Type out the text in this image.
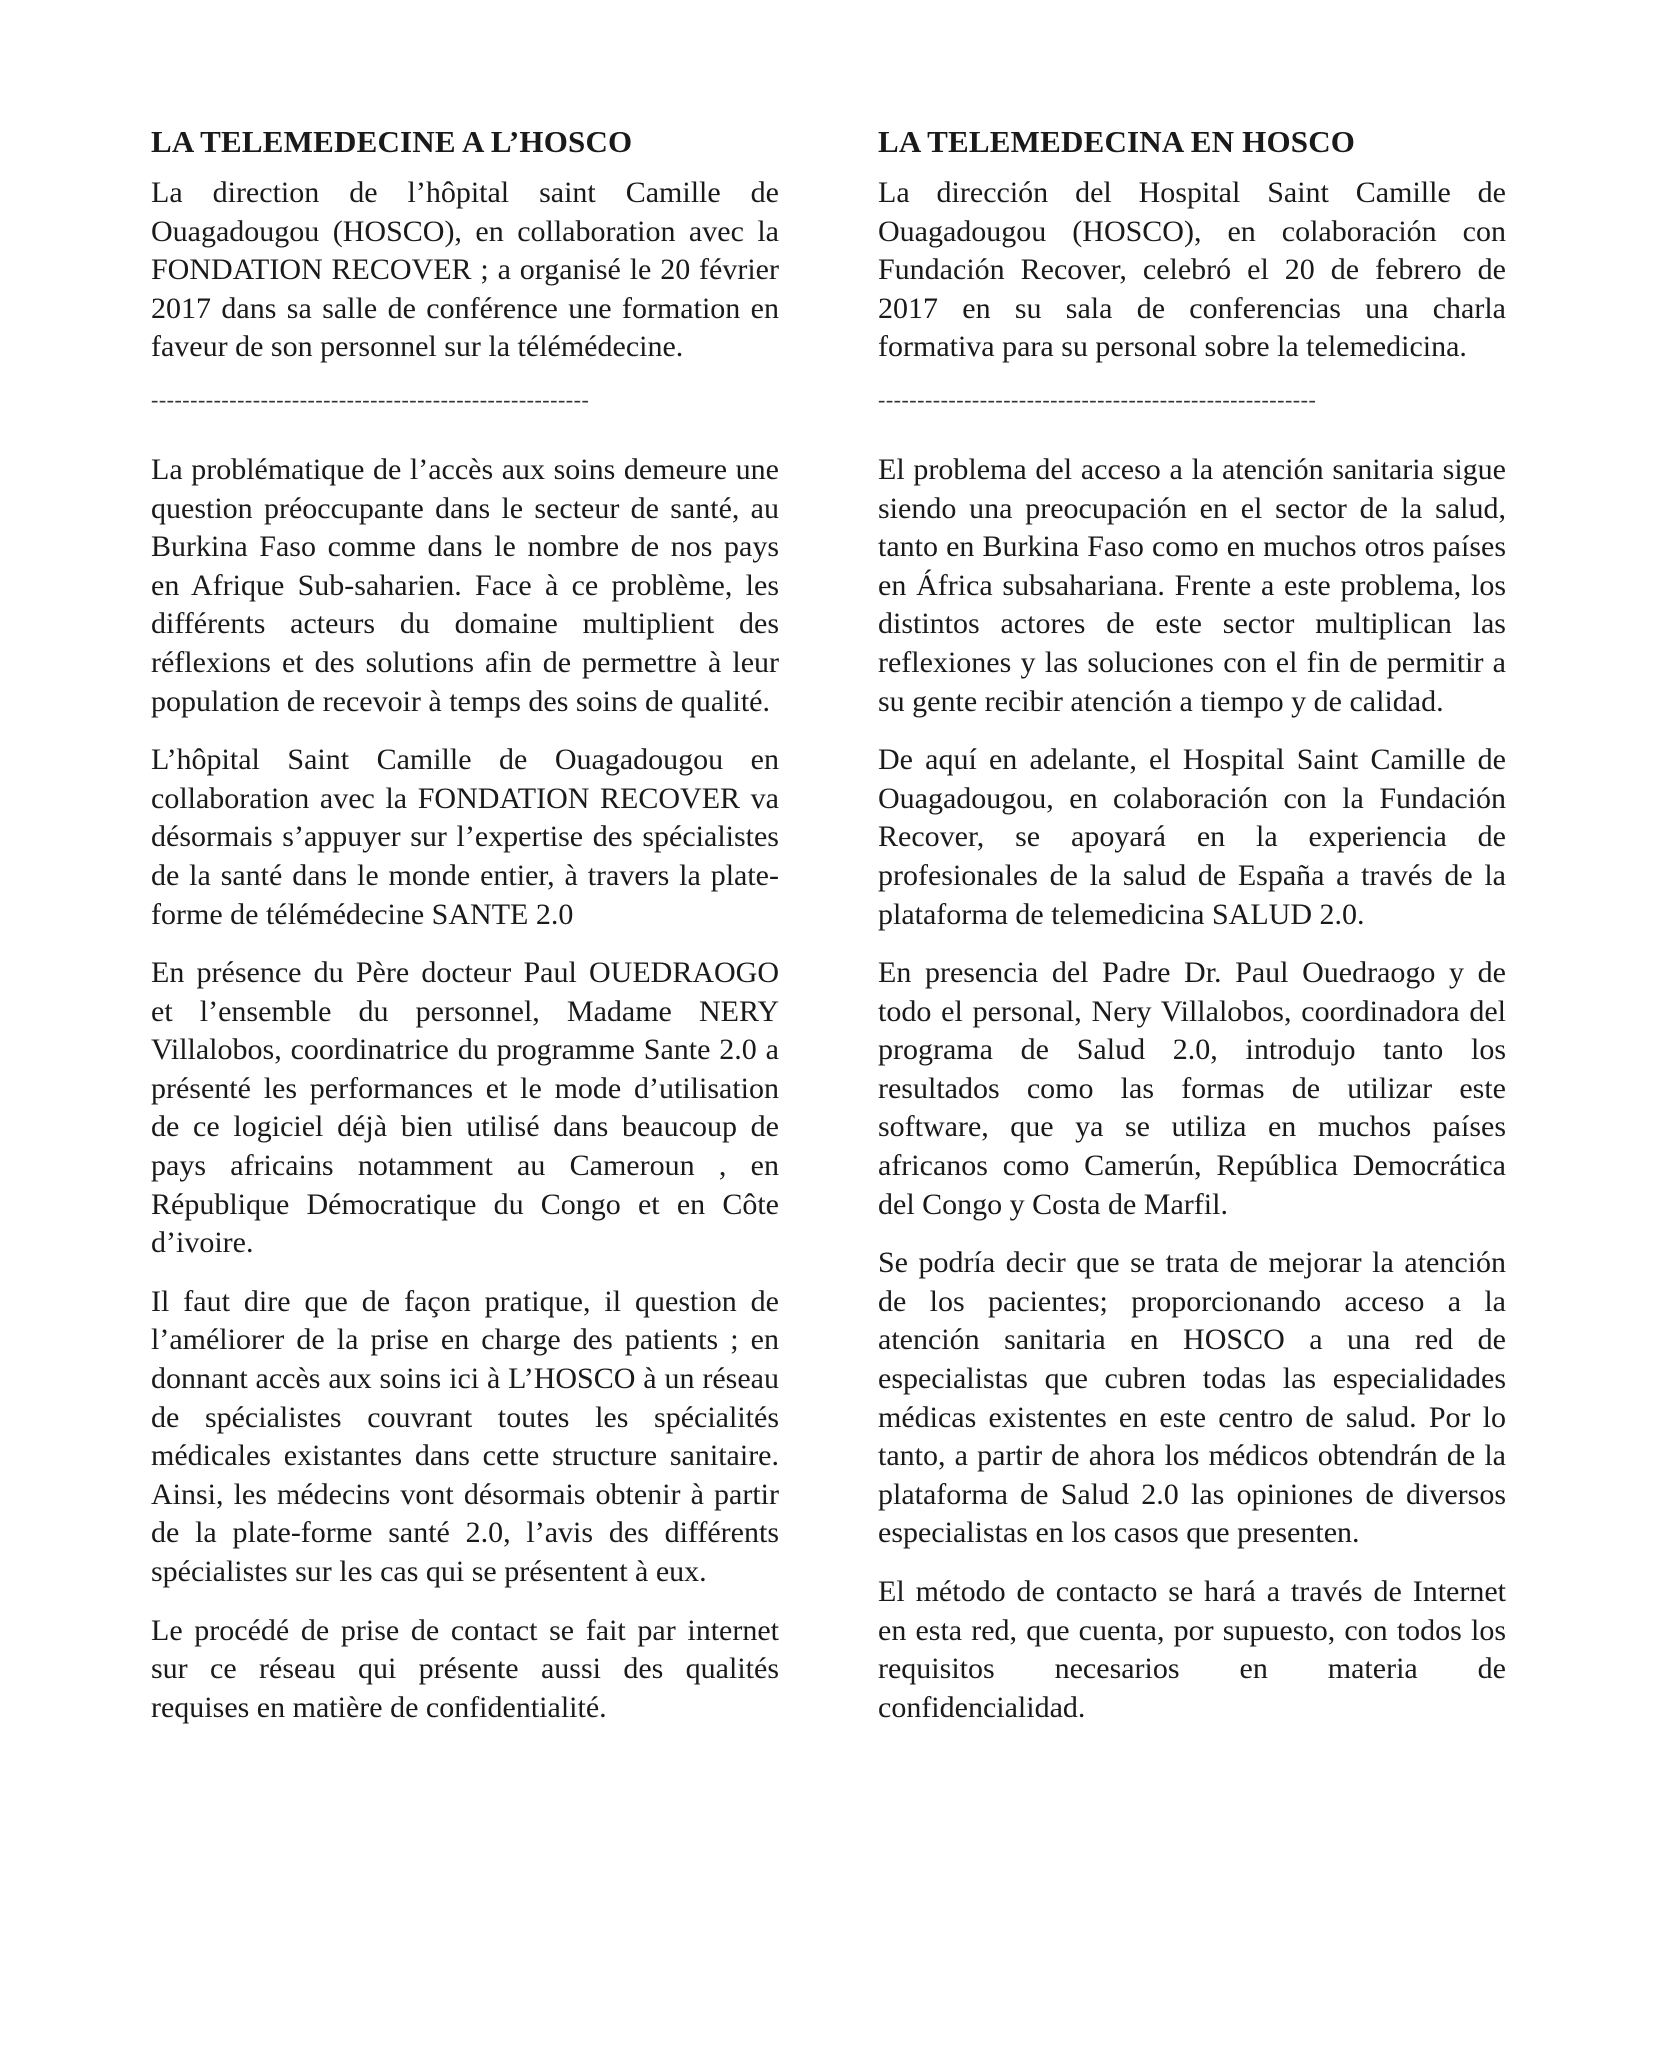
LA TELEMEDECINE A L’HOSCO

La direction de l’hôpital saint Camille de Ouagadougou (HOSCO), en collaboration avec la FONDATION RECOVER ; a organisé le 20 février 2017 dans sa salle de conférence une formation en faveur de son personnel sur la télémédecine.

--------------------------------------------------------

La problématique de l’accès aux soins demeure une question préoccupante dans le secteur de santé, au Burkina Faso comme dans le nombre de nos pays en Afrique Sub-saharien. Face à ce problème, les différents acteurs du domaine multiplient des réflexions et des solutions afin de permettre à leur population de recevoir à temps des soins de qualité.

L’hôpital Saint Camille de Ouagadougou en collaboration avec la FONDATION RECOVER va désormais s’appuyer sur l’expertise des spécialistes de la santé dans le monde entier, à travers la plate-forme de télémédecine SANTE 2.0

En présence du Père docteur Paul OUEDRAOGO et l’ensemble du personnel, Madame NERY Villalobos, coordinatrice du programme Sante 2.0 a présenté les performances et le mode d’utilisation de ce logiciel déjà bien utilisé dans beaucoup de pays africains notamment au Cameroun , en République Démocratique du Congo et en Côte d’ivoire.

Il faut dire que de façon pratique, il question de l’améliorer de la prise en charge des patients ; en donnant accès aux soins ici à L’HOSCO à un réseau de spécialistes couvrant toutes les spécialités médicales existantes dans cette structure sanitaire. Ainsi, les médecins vont désormais obtenir à partir de la plate-forme santé 2.0, l’avis des différents spécialistes sur les cas qui se présentent à eux.

Le procédé de prise de contact se fait par internet sur ce réseau qui présente aussi des qualités requises en matière de confidentialité.

LA TELEMEDECINA EN HOSCO

La dirección del Hospital Saint Camille de Ouagadougou (HOSCO), en colaboración con Fundación Recover, celebró el 20 de febrero de 2017 en su sala de conferencias una charla formativa para su personal sobre la telemedicina.

--------------------------------------------------------

El problema del acceso a la atención sanitaria sigue siendo una preocupación en el sector de la salud, tanto en Burkina Faso como en muchos otros países en África subsahariana. Frente a este problema, los distintos actores de este sector multiplican las reflexiones y las soluciones con el fin de permitir a su gente recibir atención a tiempo y de calidad.

De aquí en adelante, el Hospital Saint Camille de Ouagadougou, en colaboración con la Fundación Recover, se apoyará en la experiencia de profesionales de la salud de España a través de la plataforma de telemedicina SALUD 2.0.

En presencia del Padre Dr. Paul Ouedraogo y de todo el personal, Nery Villalobos, coordinadora del programa de Salud 2.0, introdujo tanto los resultados como las formas de utilizar este software, que ya se utiliza en muchos países africanos como Camerún, República Democrática del Congo y Costa de Marfil.

Se podría decir que se trata de mejorar la atención de los pacientes; proporcionando acceso a la atención sanitaria en HOSCO a una red de especialistas que cubren todas las especialidades médicas existentes en este centro de salud. Por lo tanto, a partir de ahora los médicos obtendrán de la plataforma de Salud 2.0 las opiniones de diversos especialistas en los casos que presenten.

El método de contacto se hará a través de Internet en esta red, que cuenta, por supuesto, con todos los requisitos necesarios en materia de confidencialidad.
